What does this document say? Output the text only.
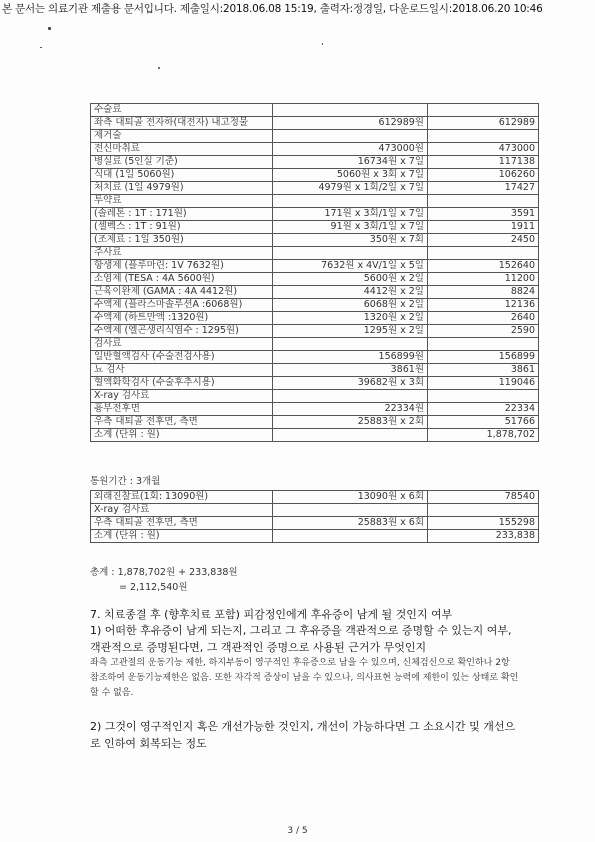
본 문서는 의료기관 제출용 문서입니다. 제출일시:2018.06.08 15:19, 출력자:정경일, 다운로드일시:2018.06.20 10:46
수술료		
좌측 대퇴골 전자하(대전자) 내고정물	612989원	612989
제거술		
전신마취료	473000원	473000
병실료 (5인실 기준)	16734원 x 7일	117138
식대 (1일 5060원)	5060원 x 3회 x 7일	106260
처치료 (1일 4979원)	4979원 x 1회/2일 x 7일	17427
투약료		
(솔레톤 : 1T : 171원)	171원 x 3회/1일 x 7일	3591
(셀벡스 : 1T : 91원)	91원 x 3회/1일 x 7일	1911
(조제료 : 1일 350원)	350원 x 7회	2450
주사료		
항생제 (플루마린: 1V 7632원)	7632원 x 4V/1일 x 5일	152640
소염제 (TESA : 4A 5600원)	5600원 x 2일	11200
근육이완제 (GAMA : 4A 4412원)	4412원 x 2일	8824
수액제 (플라스마솔루션A :6068원)	6068원 x 2일	12136
수액제 (하트만액 :1320원)	1320원 x 2일	2640
수액제 (엘곤생리식염수 : 1295원)	1295원 x 2일	2590
검사료		
일반혈액검사 (수술전검사용)	156899원	156899
뇨 검사	3861원	3861
혈액화학검사 (수술후추시용)	39682원 x 3회	119046
X-ray 검사료		
흉부전후면	22334원	22334
우측 대퇴골 전후면, 측면	25883원 x 2회	51766
소계 (단위 : 원)		1,878,702
통원기간 : 3개월
외래진찰료(1회: 13090원)	13090원 x 6회	78540
X-ray 검사료		
우측 대퇴골 전후면, 측면	25883원 x 6회	155298
소계 (단위 : 원)		233,838
총계 : 1,878,702원 + 233,838원
= 2,112,540원
7. 치료종결 후 (향후치료 포함) 피감정인에게 후유증이 남게 될 것인지 여부
1) 어떠한 후유증이 남게 되는지, 그리고 그 후유증을 객관적으로 증명할 수 있는지 여부, 객관적으로 증명된다면, 그 객관적인 증명으로 사용된 근거가 무엇인지
좌측 고관절의 운동기능 제한, 하지부동이 영구적인 후유증으로 남을 수 있으며, 신체검신으로 확인하나 2항 참조하여 운동기능제한은 없음. 또한 자각적 증상이 남을 수 있으나, 의사표현 능력에 제한이 있는 상태로 확인할 수 없음.
2) 그것이 영구적인지 혹은 개선가능한 것인지, 개선이 가능하다면 그 소요시간 및 개선으로 인하여 회복되는 정도
3 / 5
